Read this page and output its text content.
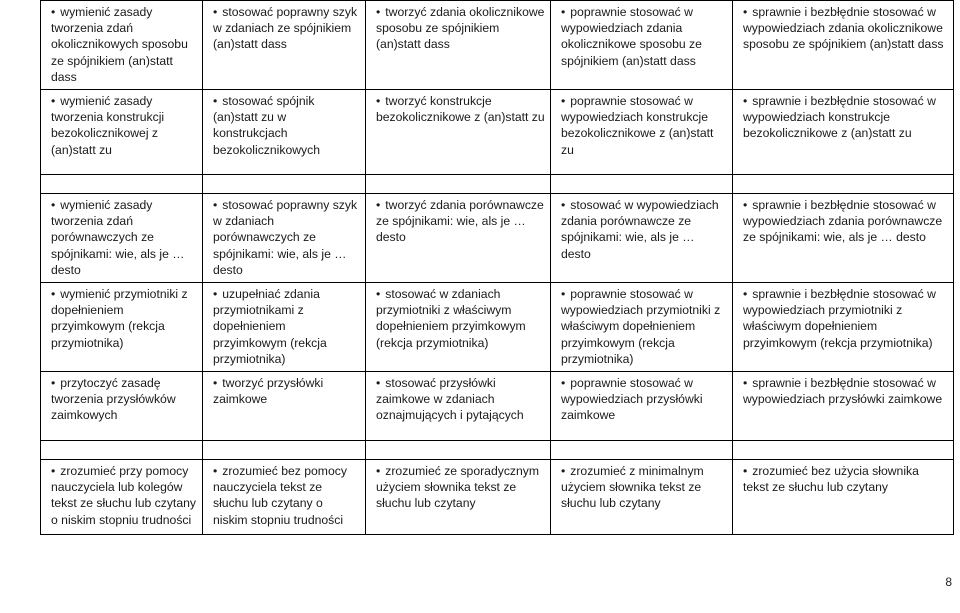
• wymienić zasady tworzenia zdań okolicznikowych sposobu ze spójnikiem (an)statt dass	• stosować poprawny szyk w zdaniach ze spójnikiem (an)statt dass	• tworzyć zdania okolicznikowe sposobu ze spójnikiem (an)statt dass	• poprawnie stosować w wypowiedziach zdania okolicznikowe sposobu ze spójnikiem (an)statt dass	• sprawnie i bezbłędnie stosować w wypowiedziach zdania okolicznikowe sposobu ze spójnikiem (an)statt dass
• wymienić zasady tworzenia konstrukcji bezokolicznikowej z (an)statt zu	• stosować spójnik (an)statt zu w konstrukcjach bezokolicznikowych	• tworzyć konstrukcje bezokolicznikowe z (an)statt zu	• poprawnie stosować w wypowiedziach konstrukcje bezokolicznikowe z (an)statt zu	• sprawnie i bezbłędnie stosować w wypowiedziach konstrukcje bezokolicznikowe z (an)statt zu

• wymienić zasady tworzenia zdań porównawczych ze spójnikami: wie, als je … desto	• stosować poprawny szyk w zdaniach porównawczych ze spójnikami: wie, als je … desto	• tworzyć zdania porównawcze ze spójnikami: wie, als je … desto	• stosować w wypowiedziach zdania porównawcze ze spójnikami: wie, als je … desto	• sprawnie i bezbłędnie stosować w wypowiedziach zdania porównawcze ze spójnikami: wie, als je … desto
• wymienić przymiotniki z dopełnieniem przyimkowym (rekcja przymiotnika)	• uzupełniać zdania przymiotnikami z dopełnieniem przyimkowym (rekcja przymiotnika)	• stosować w zdaniach przymiotniki z właściwym dopełnieniem przyimkowym (rekcja przymiotnika)	• poprawnie stosować w wypowiedziach przymiotniki z właściwym dopełnieniem przyimkowym (rekcja przymiotnika)	• sprawnie i bezbłędnie stosować w wypowiedziach przymiotniki z właściwym dopełnieniem przyimkowym (rekcja przymiotnika)
• przytoczyć zasadę tworzenia przysłówków zaimkowych	• tworzyć przysłówki zaimkowe	• stosować przysłówki zaimkowe w zdaniach oznajmujących i pytających	• poprawnie stosować w wypowiedziach przysłówki zaimkowe	• sprawnie i bezbłędnie stosować w wypowiedziach przysłówki zaimkowe

• zrozumieć przy pomocy nauczyciela lub kolegów tekst ze słuchu lub czytany o niskim stopniu trudności	• zrozumieć bez pomocy nauczyciela tekst ze słuchu lub czytany o niskim stopniu trudności	• zrozumieć ze sporadycznym użyciem słownika tekst ze słuchu lub czytany	• zrozumieć z minimalnym użyciem słownika tekst ze słuchu lub czytany	• zrozumieć bez użycia słownika tekst ze słuchu lub czytany
8
